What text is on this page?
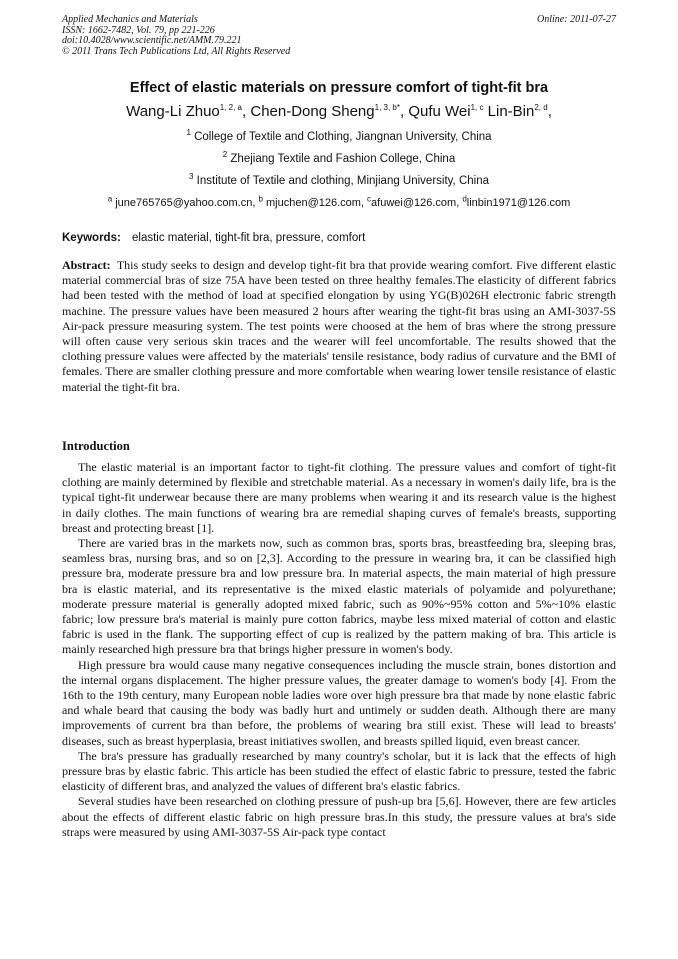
Applied Mechanics and Materials
ISSN: 1662-7482, Vol. 79, pp 221-226
doi:10.4028/www.scientific.net/AMM.79.221
© 2011 Trans Tech Publications Ltd, All Rights Reserved
Online: 2011-07-27
Effect of elastic materials on pressure comfort of tight-fit bra
Wang-Li Zhuo$^{1, 2, a}$, Chen-Dong Sheng$^{1, 3, b*}$, Qufu Wei$^{1, c}$ Lin-Bin$^{2, d}$,
$^1$ College of Textile and Clothing, Jiangnan University, China
$^2$ Zhejiang Textile and Fashion College, China
$^3$ Institute of Textile and clothing, Minjiang University, China
$^a$ june765765@yahoo.com.cn, $^b$ mjuchen@126.com, $^c$afuwei@126.com, $^d$linbin1971@126.com
Keywords: elastic material, tight-fit bra, pressure, comfort
Abstract: This study seeks to design and develop tight-fit bra that provide wearing comfort. Five different elastic material commercial bras of size 75A have been tested on three healthy females.The elasticity of different fabrics had been tested with the method of load at specified elongation by using YG(B)026H electronic fabric strength machine. The pressure values have been measured 2 hours after wearing the tight-fit bras using an AMI-3037-5S Air-pack pressure measuring system. The test points were choosed at the hem of bras where the strong pressure will often cause very serious skin traces and the wearer will feel uncomfortable. The results showed that the clothing pressure values were affected by the materials' tensile resistance, body radius of curvature and the BMI of females. There are smaller clothing pressure and more comfortable when wearing lower tensile resistance of elastic material the tight-fit bra.
Introduction

The elastic material is an important factor to tight-fit clothing. The pressure values and comfort of tight-fit clothing are mainly determined by flexible and stretchable material. As a necessary in women's daily life, bra is the typical tight-fit underwear because there are many problems when wearing it and its research value is the highest in daily clothes. The main functions of wearing bra are remedial shaping curves of female's breasts, supporting breast and protecting breast [1].

There are varied bras in the markets now, such as common bras, sports bras, breastfeeding bra, sleeping bras, seamless bras, nursing bras, and so on [2,3]. According to the pressure in wearing bra, it can be classified high pressure bra, moderate pressure bra and low pressure bra. In material aspects, the main material of high pressure bra is elastic material, and its representative is the mixed elastic materials of polyamide and polyurethane; moderate pressure material is generally adopted mixed fabric, such as 90%~95% cotton and 5%~10% elastic fabric; low pressure bra's material is mainly pure cotton fabrics, maybe less mixed material of cotton and elastic fabric is used in the flank. The supporting effect of cup is realized by the pattern making of bra. This article is mainly researched high pressure bra that brings higher pressure in women's body.

High pressure bra would cause many negative consequences including the muscle strain, bones distortion and the internal organs displacement. The higher pressure values, the greater damage to women's body [4]. From the 16th to the 19th century, many European noble ladies wore over high pressure bra that made by none elastic fabric and whale beard that causing the body was badly hurt and untimely or sudden death. Although there are many improvements of current bra than before, the problems of wearing bra still exist. These will lead to breasts' diseases, such as breast hyperplasia, breast initiatives swollen, and breasts spilled liquid, even breast cancer.

The bra's pressure has gradually researched by many country's scholar, but it is lack that the effects of high pressure bras by elastic fabric. This article has been studied the effect of elastic fabric to pressure, tested the fabric elasticity of different bras, and analyzed the values of different bra's elastic fabrics.

Several studies have been researched on clothing pressure of push-up bra [5,6]. However, there are few articles about the effects of different elastic fabric on high pressure bras.In this study, the pressure values at bra's side straps were measured by using AMI-3037-5S Air-pack type contact
